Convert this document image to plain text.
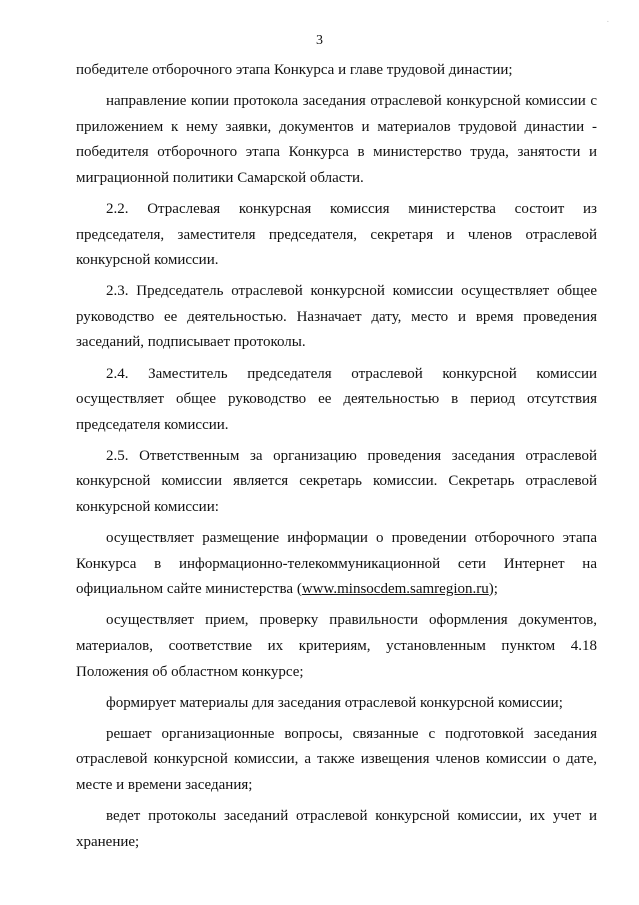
.
3

победителе отборочного этапа Конкурса и главе трудовой династии;

направление копии протокола заседания отраслевой конкурсной комиссии с приложением к нему заявки, документов и материалов трудовой династии - победителя отборочного этапа Конкурса в министерство труда, занятости и миграционной политики Самарской области.

2.2. Отраслевая конкурсная комиссия министерства состоит из председателя, заместителя председателя, секретаря и членов отраслевой конкурсной комиссии.

2.3. Председатель отраслевой конкурсной комиссии осуществляет общее руководство ее деятельностью. Назначает дату, место и время проведения заседаний, подписывает протоколы.

2.4. Заместитель председателя отраслевой конкурсной комиссии осуществляет общее руководство ее деятельностью в период отсутствия председателя комиссии.

2.5. Ответственным за организацию проведения заседания отраслевой конкурсной комиссии является секретарь комиссии. Секретарь отраслевой конкурсной комиссии:

осуществляет размещение информации о проведении отборочного этапа Конкурса в информационно-телекоммуникационной сети Интернет на официальном сайте министерства (www.minsocdem.samregion.ru);

осуществляет прием, проверку правильности оформления документов, материалов, соответствие их критериям, установленным пунктом 4.18 Положения об областном конкурсе;

формирует материалы для заседания отраслевой конкурсной комиссии;

решает организационные вопросы, связанные с подготовкой заседания отраслевой конкурсной комиссии, а также извещения членов комиссии о дате, месте и времени заседания;

ведет протоколы заседаний отраслевой конкурсной комиссии, их учет и хранение;
